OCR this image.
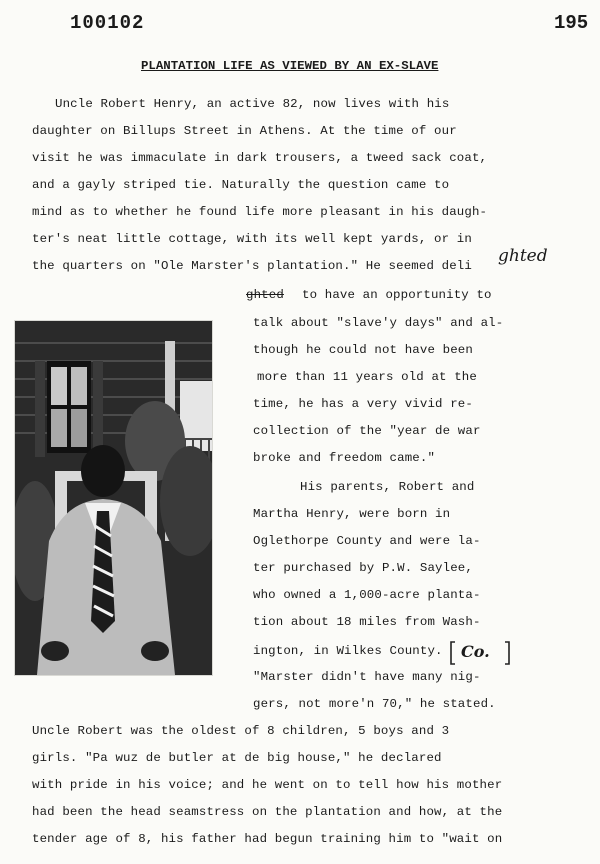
100102	195
PLANTATION LIFE AS VIEWED BY AN EX-SLAVE
Uncle Robert Henry, an active 82, now lives with his
daughter on Billups Street in Athens. At the time of our
visit he was immaculate in dark trousers, a tweed sack coat,
and a gayly striped tie. Naturally the question came to
mind as to whether he found life more pleasant in his daugh-
ter's neat little cottage, with its well kept yards, or in
the quarters on "Ole Marster's plantation." He seemed deli
to have an opportunity to
talk about "slave'y days" and al-
though he could not have been
more than 11 years old at the
time, he has a very vivid re-
collection of the "year de war
broke and freedom came."
His parents, Robert and
Martha Henry, were born in
Oglethorpe County and were la-
ter purchased by P.W. Saylee,
who owned a 1,000-acre planta-
tion about 18 miles from Wash-
ington, in Wilkes County.
"Marster didn't have many nig-
gers, not more'n 70," he stated.
Uncle Robert was the oldest of 8 children, 5 boys and 3
girls. "Pa wuz de butler at de big house," he declared
with pride in his voice; and he went on to tell how his mother
had been the head seamstress on the plantation and how, at the
tender age of 8, his father had begun training him to "wait on
ghted
ghted
Co.
